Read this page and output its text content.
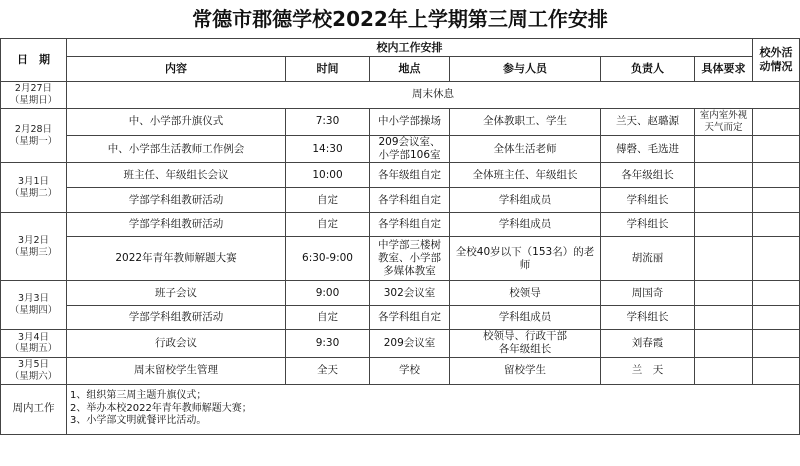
常德市郡德学校2022年上学期第三周工作安排
日　期	校内工作安排						校外活
动情况

	内容	时间	地点	参与人员	负责人	具体要求	

2月27日
（星期日）	周末休息						

2月28日
（星期一）	中、小学部升旗仪式	7:30	中小学部操场	全体教职工、学生	兰天、赵璐源	室内室外视
天气而定	

	中、小学部生活教师工作例会	14:30	209会议室、
小学部106室	全体生活老师	傅磬、毛选进		

3月1日
（星期二）	班主任、年级组长会议	10:00	各年级组自定	全体班主任、年级组长	各年级组长		
	学部学科组教研活动	自定	各学科组自定	学科组成员	学科组长		

3月2日
（星期三）	学部学科组教研活动	自定	各学科组自定	学科组成员	学科组长		
	2022年青年教师解题大赛	6:30-9:00	中学部三楼树
教室、小学部
多媒体教室	全校40岁以下（153名）的老师	胡流丽		

3月3日
（星期四）	班子会议	9:00	302会议室	校领导	周国奇		
	学部学科组教研活动	自定	各学科组自定	学科组成员	学科组长		

3月4日
（星期五）	行政会议	9:30	209会议室	校领导、行政干部
各年级组长	刘春霞		

3月5日
（星期六）	周末留校学生管理	全天	学校	留校学生	兰　天		
周内工作	1、组织第三周主题升旗仪式；
2、举办本校2022年青年教师解题大赛；
3、小学部文明就餐评比活动。						
